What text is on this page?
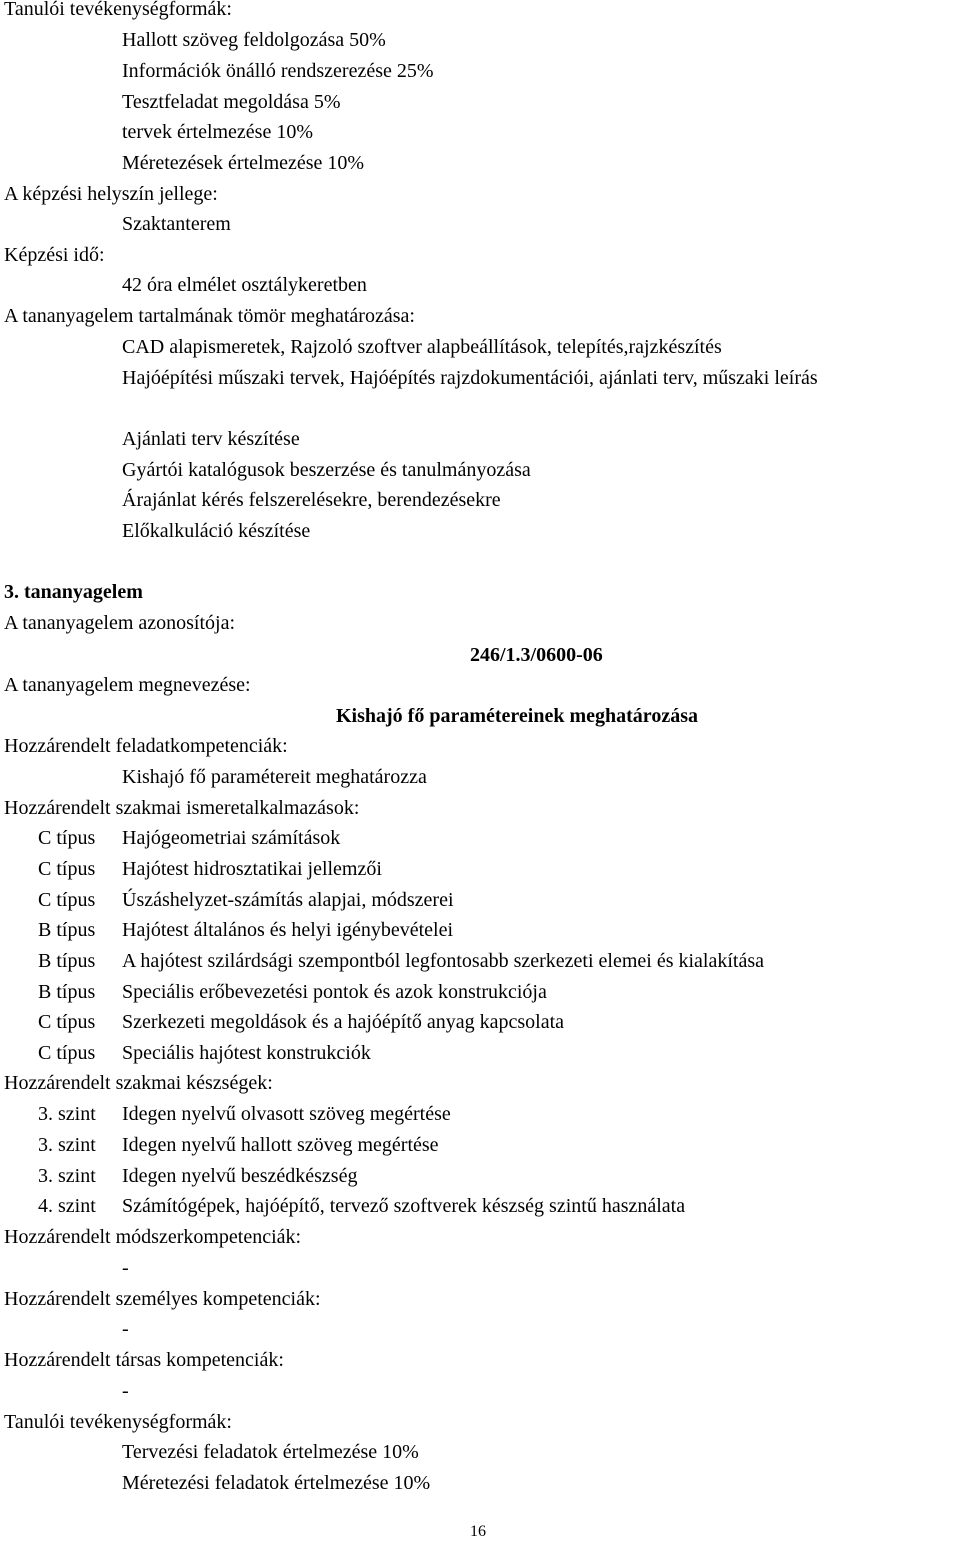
Tanulói tevékenységformák:
Hallott szöveg feldolgozása 50%
Információk önálló rendszerezése 25%
Tesztfeladat megoldása 5%
tervek értelmezése 10%
Méretezések értelmezése 10%
A képzési helyszín jellege:
Szaktanterem
Képzési idő:
42 óra elmélet osztálykeretben
A tananyagelem tartalmának tömör meghatározása:
CAD alapismeretek, Rajzoló szoftver alapbeállítások, telepítés,rajzkészítés
Hajóépítési műszaki tervek, Hajóépítés rajzdokumentációi, ajánlati terv, műszaki leírás
Ajánlati terv készítése
Gyártói katalógusok beszerzése és tanulmányozása
Árajánlat kérés felszerelésekre, berendezésekre
Előkalkuláció készítése
3. tananyagelem
A tananyagelem azonosítója:
246/1.3/0600-06
A tananyagelem megnevezése:
Kishajó fő paramétereinek meghatározása
Hozzárendelt feladatkompetenciák:
Kishajó fő paramétereit meghatározza
Hozzárendelt szakmai ismeretalkalmazások:
C típus Hajógeometriai számítások
C típus Hajótest hidrosztatikai jellemzői
C típus Úszáshelyzet-számítás alapjai, módszerei
B típus Hajótest általános és helyi igénybevételei
B típus A hajótest szilárdsági szempontból legfontosabb szerkezeti elemei és kialakítása
B típus Speciális erőbevezetési pontok és azok konstrukciója
C típus Szerkezeti megoldások és a hajóépítő anyag kapcsolata
C típus Speciális hajótest konstrukciók
Hozzárendelt szakmai készségek:
3. szint Idegen nyelvű olvasott szöveg megértése
3. szint Idegen nyelvű hallott szöveg megértése
3. szint Idegen nyelvű beszédkészség
4. szint Számítógépek, hajóépítő, tervező szoftverek készség szintű használata
Hozzárendelt módszerkompetenciák:
-
Hozzárendelt személyes kompetenciák:
-
Hozzárendelt társas kompetenciák:
-
Tanulói tevékenységformák:
Tervezési feladatok értelmezése 10%
Méretezési feladatok értelmezése 10%
16
